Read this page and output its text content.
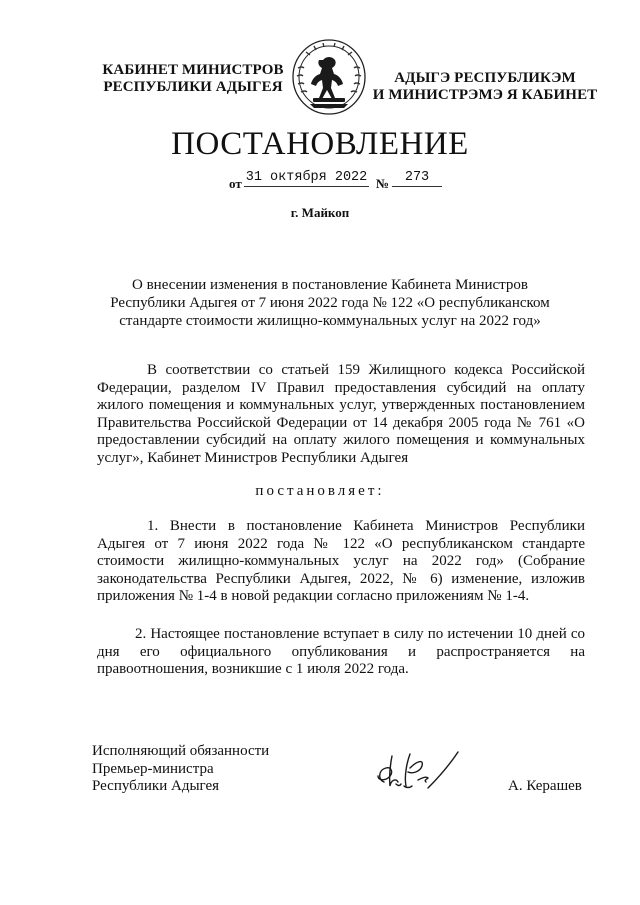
КАБИНЕТ МИНИСТРОВ
РЕСПУБЛИКИ АДЫГЕЯ
АДЫГЭ РЕСПУБЛИКЭМ
И МИНИСТРЭМЭ Я КАБИНЕТ
ПОСТАНОВЛЕНИЕ
от 31 октября 2022 №	273
г. Майкоп
О внесении изменения в постановление Кабинета Министров Республики Адыгея от 7 июня 2022 года № 122 «О республиканском стандарте стоимости жилищно-коммунальных услуг на 2022 год»
В соответствии со статьей 159 Жилищного кодекса Российской Федерации, разделом IV Правил предоставления субсидий на оплату жилого помещения и коммунальных услуг, утвержденных постановлением Правительства Российской Федерации от 14 декабря 2005 года № 761 «О предоставлении субсидий на оплату жилого помещения и коммунальных услуг», Кабинет Министров Республики Адыгея
постановляет:
1. Внести в постановление Кабинета Министров Республики Адыгея от 7 июня 2022 года № 122 «О республиканском стандарте стоимости жилищно-коммунальных услуг на 2022 год» (Собрание законодательства Республики Адыгея, 2022, № 6) изменение, изложив приложения № 1-4 в новой редакции согласно приложениям № 1-4.
2. Настоящее постановление вступает в силу по истечении 10 дней со дня его официального опубликования и распространяется на правоотношения, возникшие с 1 июля 2022 года.
Исполняющий обязанности
Премьер-министра
Республики Адыгея	А. Керашев
